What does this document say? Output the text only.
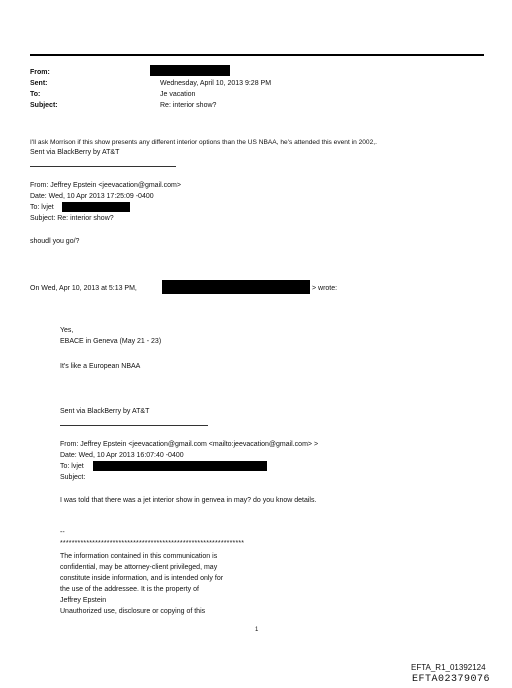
From:
Sent:	Wednesday, April 10, 2013 9:28 PM
To:	Je vacation
Subject:	Re: interior show?
I'll ask Morrison if this show presents any different interior options than the US NBAA, he's attended this event in 2002,.
Sent via BlackBerry by AT&T
From: Jeffrey Epstein <jeevacation@gmail.com>
Date: Wed, 10 Apr 2013 17:25:09 -0400
To: lvjet
Subject: Re: interior show?
shoudl you go/?
On Wed, Apr 10, 2013 at 5:13 PM,	> wrote:
Yes,
EBACE in Geneva (May 21 - 23)
It's like a European NBAA
Sent via BlackBerry by AT&T
From: Jeffrey Epstein <jeevacation@gmail.com <mailto:jeevacation@gmail.com> >
Date: Wed, 10 Apr 2013 16:07:40 -0400
To: lvjet
Subject:
I was told that there was a jet interior show in genvea in may? do you know details.
--
***************************************************************
The information contained in this communication is
confidential, may be attorney-client privileged, may
constitute inside information, and is intended only for
the use of the addressee. It is the property of
Jeffrey Epstein
Unauthorized use, disclosure or copying of this
1
EFTA_R1_01392124
EFTA02379076
